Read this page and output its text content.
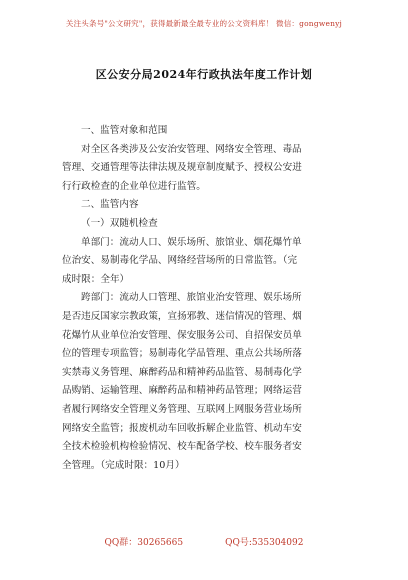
关注头条号"公文研究"，获得最新最全最专业的公文资料库！ 微信：gongwenyj
区公安分局2024年行政执法年度工作计划
一、监管对象和范围
对全区各类涉及公安治安管理、网络安全管理、毒品
管理、交通管理等法律法规及规章制度赋予、授权公安进
行行政检查的企业单位进行监管。
二、监管内容
（一）双随机检查
单部门：流动人口、娱乐场所、旅馆业、烟花爆竹单
位治安、易制毒化学品、网络经营场所的日常监管。（完
成时限：全年）
跨部门：流动人口管理、旅馆业治安管理、娱乐场所
是否违反国家宗教政策，宣扬邪教、迷信情况的管理、烟
花爆竹从业单位治安管理、保安服务公司、自招保安员单
位的管理专项监管；易制毒化学品管理、重点公共场所落
实禁毒义务管理、麻醉药品和精神药品监管、易制毒化学
品购销、运输管理、麻醉药品和精神药品管理；网络运营
者履行网络安全管理义务管理、互联网上网服务营业场所
网络安全监管；报废机动车回收拆解企业监管、机动车安
全技术检验机构检验情况、校车配备学校、校车服务者安
全管理。（完成时限：10月）
QQ群：30265665	QQ号:535304092
